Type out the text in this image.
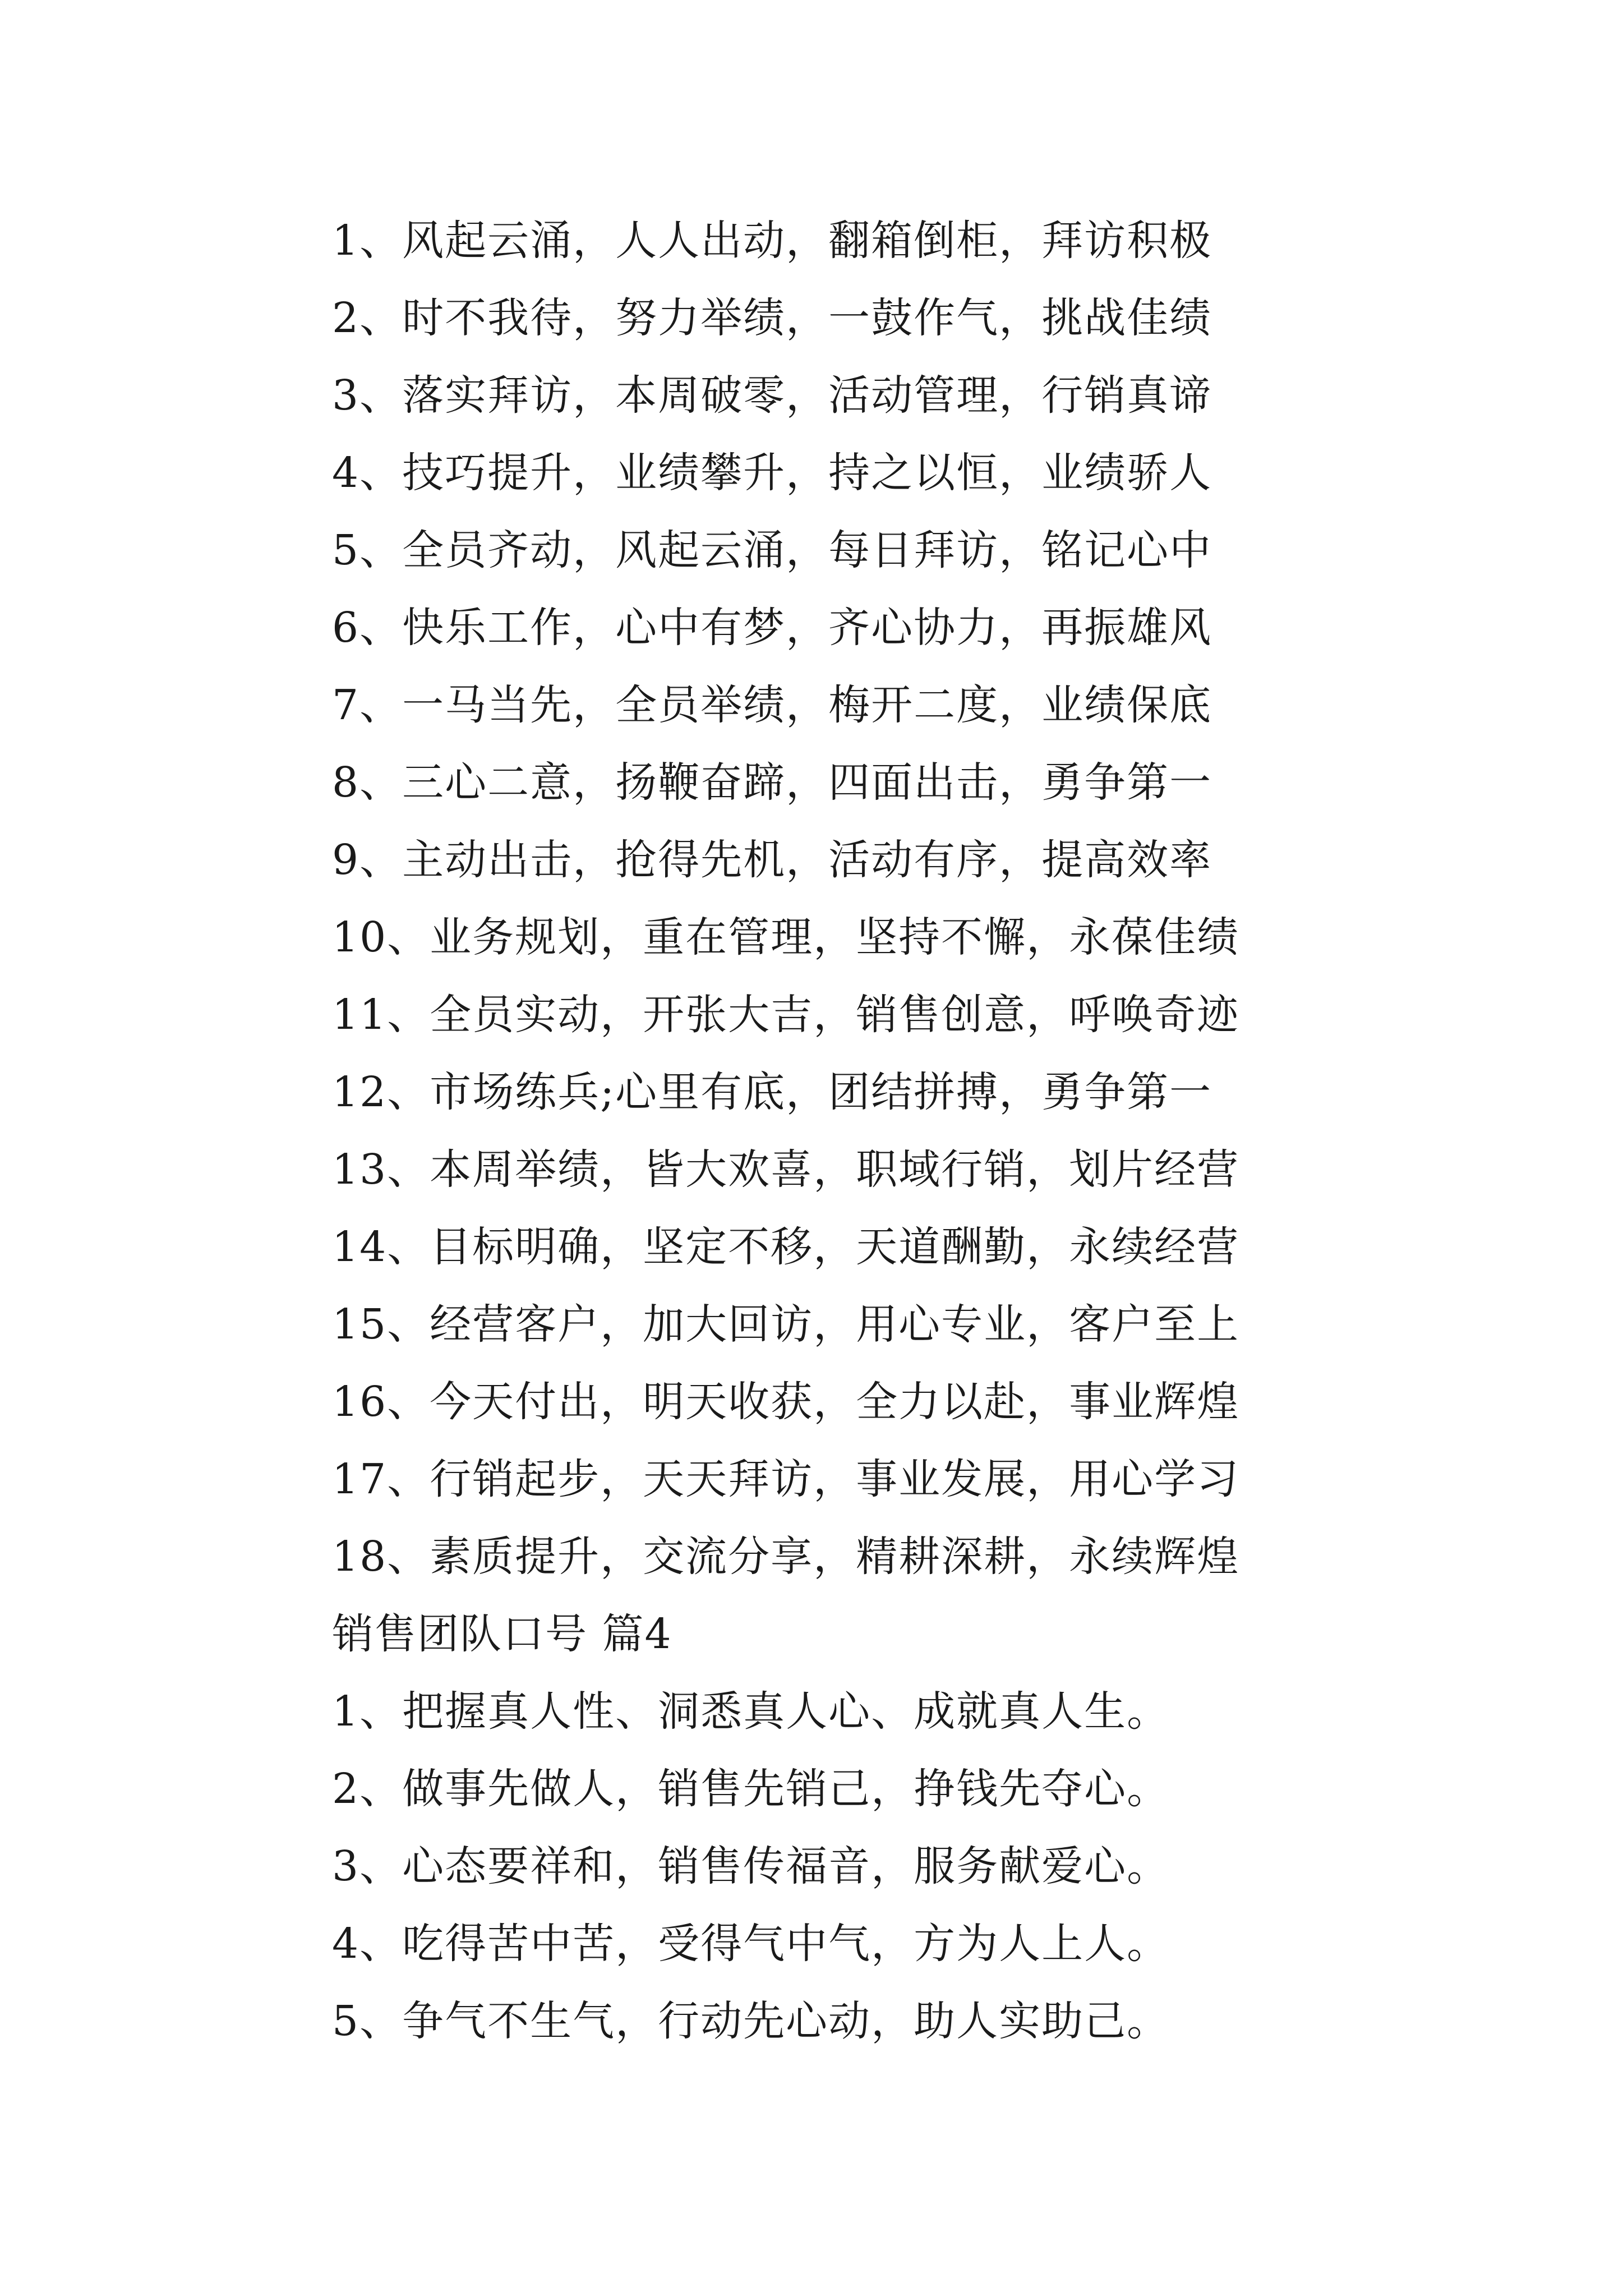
1、风起云涌，人人出动，翻箱倒柜，拜访积极
2、时不我待，努力举绩，一鼓作气，挑战佳绩
3、落实拜访，本周破零，活动管理，行销真谛
4、技巧提升，业绩攀升，持之以恒，业绩骄人
5、全员齐动，风起云涌，每日拜访，铭记心中
6、快乐工作，心中有梦，齐心协力，再振雄风
7、一马当先，全员举绩，梅开二度，业绩保底
8、三心二意，扬鞭奋蹄，四面出击，勇争第一
9、主动出击，抢得先机，活动有序，提高效率
10、业务规划，重在管理，坚持不懈，永葆佳绩
11、全员实动，开张大吉，销售创意，呼唤奇迹
12、市场练兵;心里有底，团结拼搏，勇争第一
13、本周举绩，皆大欢喜，职域行销，划片经营
14、目标明确，坚定不移，天道酬勤，永续经营
15、经营客户，加大回访，用心专业，客户至上
16、今天付出，明天收获，全力以赴，事业辉煌
17、行销起步，天天拜访，事业发展，用心学习
18、素质提升，交流分享，精耕深耕，永续辉煌
销售团队口号 篇4
1、把握真人性、洞悉真人心、成就真人生。
2、做事先做人，销售先销己，挣钱先夺心。
3、心态要祥和，销售传福音，服务献爱心。
4、吃得苦中苦，受得气中气，方为人上人。
5、争气不生气，行动先心动，助人实助己。
